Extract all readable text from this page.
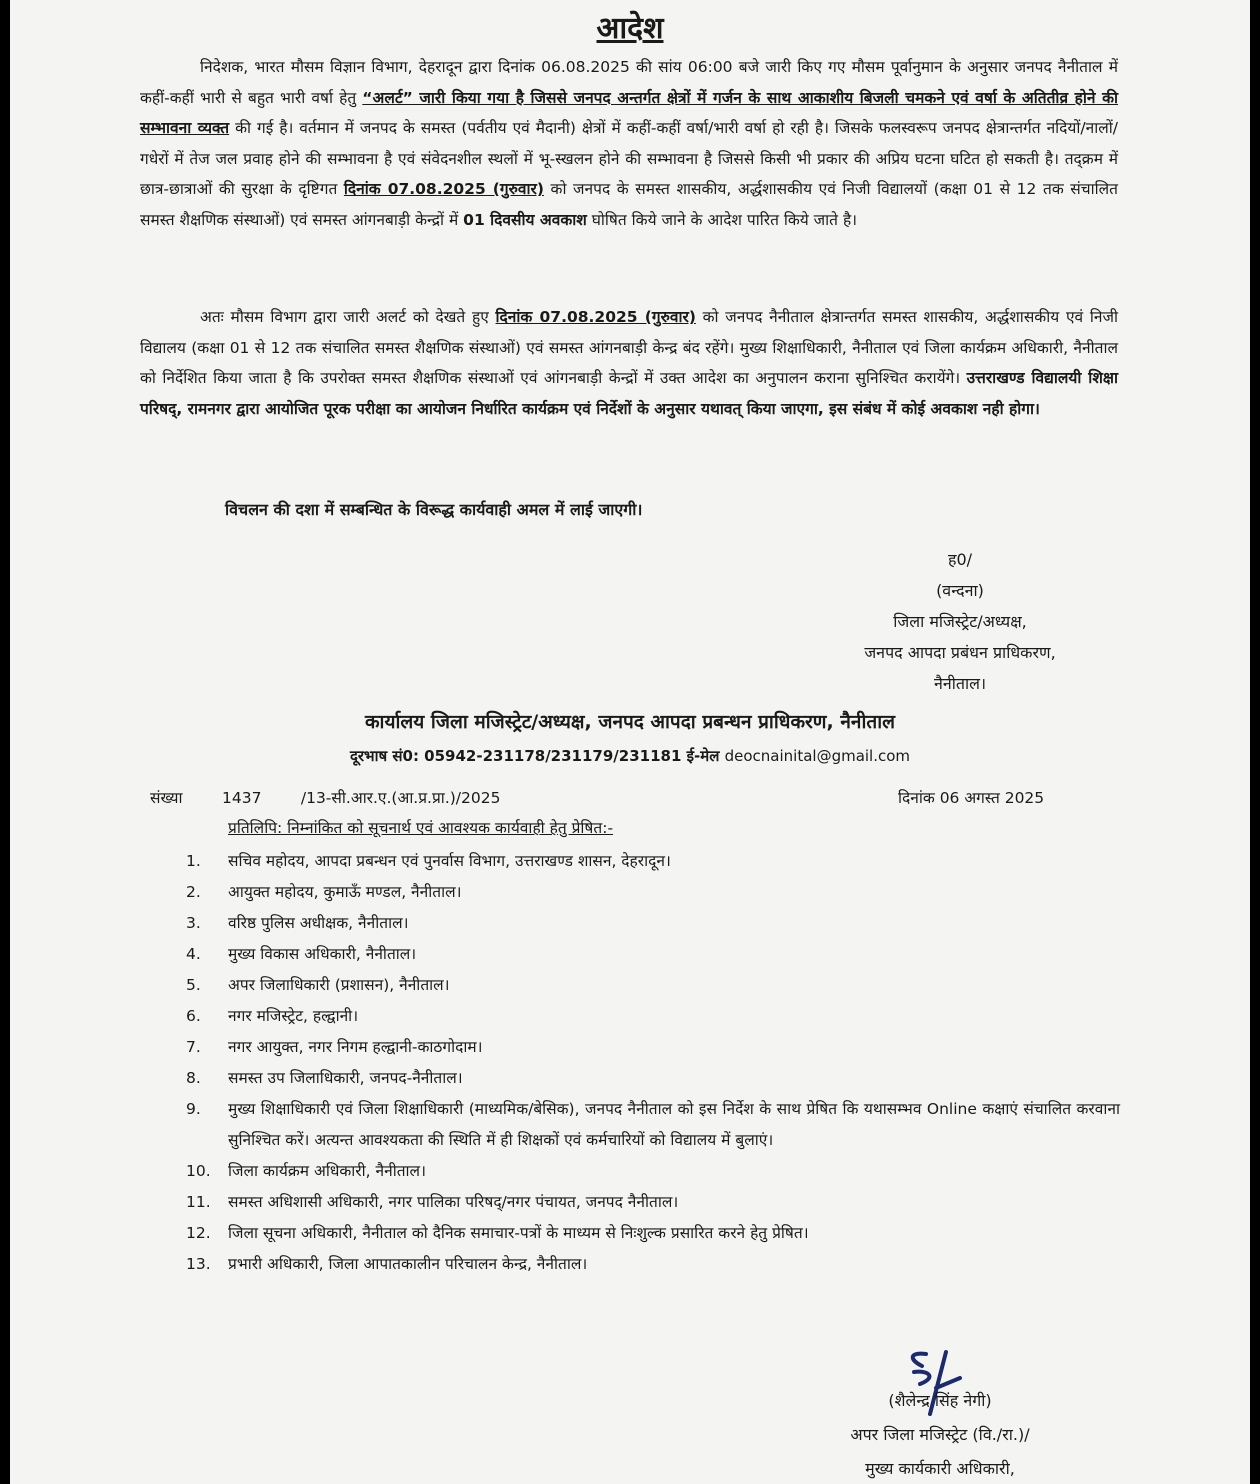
आदेश

निदेशक, भारत मौसम विज्ञान विभाग, देहरादून द्वारा दिनांक 06.08.2025 की सांय 06:00 बजे जारी किए गए मौसम पूर्वानुमान के अनुसार जनपद नैनीताल में कहीं-कहीं भारी से बहुत भारी वर्षा हेतु “अलर्ट” जारी किया गया है जिससे जनपद अन्तर्गत क्षेत्रों में गर्जन के साथ आकाशीय बिजली चमकने एवं वर्षा के अतितीव्र होने की सम्भावना व्यक्त की गई है। वर्तमान में जनपद के समस्त (पर्वतीय एवं मैदानी) क्षेत्रों में कहीं-कहीं वर्षा/भारी वर्षा हो रही है। जिसके फलस्वरूप जनपद क्षेत्रान्तर्गत नदियों/नालों/गधेरों में तेज जल प्रवाह होने की सम्भावना है एवं संवेदनशील स्थलों में भू-स्खलन होने की सम्भावना है जिससे किसी भी प्रकार की अप्रिय घटना घटित हो सकती है। तद्क्रम में छात्र-छात्राओं की सुरक्षा के दृष्टिगत दिनांक 07.08.2025 (गुरुवार) को जनपद के समस्त शासकीय, अर्द्धशासकीय एवं निजी विद्यालयों (कक्षा 01 से 12 तक संचालित समस्त शैक्षणिक संस्थाओं) एवं समस्त आंगनबाड़ी केन्द्रों में 01 दिवसीय अवकाश घोषित किये जाने के आदेश पारित किये जाते है।

अतः मौसम विभाग द्वारा जारी अलर्ट को देखते हुए दिनांक 07.08.2025 (गुरुवार) को जनपद नैनीताल क्षेत्रान्तर्गत समस्त शासकीय, अर्द्धशासकीय एवं निजी विद्यालय (कक्षा 01 से 12 तक संचालित समस्त शैक्षणिक संस्थाओं) एवं समस्त आंगनबाड़ी केन्द्र बंद रहेंगे। मुख्य शिक्षाधिकारी, नैनीताल एवं जिला कार्यक्रम अधिकारी, नैनीताल को निर्देशित किया जाता है कि उपरोक्त समस्त शैक्षणिक संस्थाओं एवं आंगनबाड़ी केन्द्रों में उक्त आदेश का अनुपालन कराना सुनिश्चित करायेंगे। उत्तराखण्ड विद्यालयी शिक्षा परिषद्, रामनगर द्वारा आयोजित पूरक परीक्षा का आयोजन निर्धारित कार्यक्रम एवं निर्देशों के अनुसार यथावत् किया जाएगा, इस संबंध में कोई अवकाश नही होगा।

विचलन की दशा में सम्बन्धित के विरूद्ध कार्यवाही अमल में लाई जाएगी।
ह0/
(वन्दना)
जिला मजिस्ट्रेट/अध्यक्ष,
जनपद आपदा प्रबंधन प्राधिकरण,
नैनीताल।
कार्यालय जिला मजिस्ट्रेट/अध्यक्ष, जनपद आपदा प्रबन्धन प्राधिकरण, नैनीताल
दूरभाष सं0: 05942-231178/231179/231181 ई-मेल deocnainital@gmail.com
संख्या	1437	/13-सी.आर.ए.(आ.प्र.प्रा.)/2025	दिनांक 06 अगस्त 2025
प्रतिलिपि: निम्नांकित को सूचनार्थ एवं आवश्यक कार्यवाही हेतु प्रेषित:-
1.	सचिव महोदय, आपदा प्रबन्धन एवं पुनर्वास विभाग, उत्तराखण्ड शासन, देहरादून।
2.	आयुक्त महोदय, कुमाऊँ मण्डल, नैनीताल।
3.	वरिष्ठ पुलिस अधीक्षक, नैनीताल।
4.	मुख्य विकास अधिकारी, नैनीताल।
5.	अपर जिलाधिकारी (प्रशासन), नैनीताल।
6.	नगर मजिस्ट्रेट, हल्द्वानी।
7.	नगर आयुक्त, नगर निगम हल्द्वानी-काठगोदाम।
8.	समस्त उप जिलाधिकारी, जनपद-नैनीताल।
9.	मुख्य शिक्षाधिकारी एवं जिला शिक्षाधिकारी (माध्यमिक/बेसिक), जनपद नैनीताल को इस निर्देश के साथ प्रेषित कि यथासम्भव Online कक्षाएं संचालित करवाना सुनिश्चित करें। अत्यन्त आवश्यकता की स्थिति में ही शिक्षकों एवं कर्मचारियों को विद्यालय में बुलाएं।
10.	जिला कार्यक्रम अधिकारी, नैनीताल।
11.	समस्त अधिशासी अधिकारी, नगर पालिका परिषद्/नगर पंचायत, जनपद नैनीताल।
12.	जिला सूचना अधिकारी, नैनीताल को दैनिक समाचार-पत्रों के माध्यम से निःशुल्क प्रसारित करने हेतु प्रेषित।
13.	प्रभारी अधिकारी, जिला आपातकालीन परिचालन केन्द्र, नैनीताल।
(शैलेन्द्र सिंह नेगी)
अपर जिला मजिस्ट्रेट (वि./रा.)/
मुख्य कार्यकारी अधिकारी,
